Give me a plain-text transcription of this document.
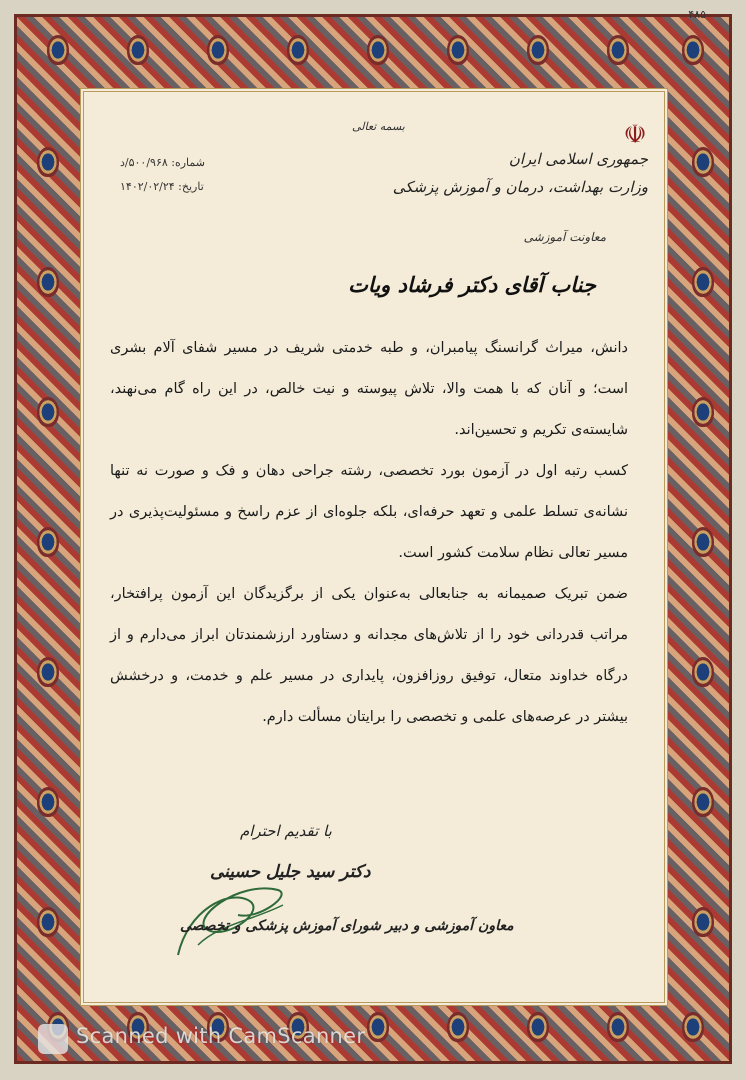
۴۸۵
۰۰۰۰ ۰۰۰۰
☫
جمهوری اسلامی ایران
وزارت بهداشت، درمان و آموزش پزشکی
معاونت آموزشی
بسمه تعالی
شماره: ۵۰۰/۹۶۸/د
تاریخ: ۱۴۰۲/۰۲/۲۴
جناب آقای دکتر فرشاد ویات

دانش، میراث گرانسنگ پیامبران، و طبه خدمتی شریف در مسیر شفای آلام بشری است؛ و آنان که با همت والا، تلاش پیوسته و نیت خالص، در این راه گام می‌نهند، شایسته‌ی تکریم و تحسین‌اند.

کسب رتبه اول در آزمون بورد تخصصی، رشته جراحی دهان و فک و صورت نه تنها نشانه‌ی تسلط علمی و تعهد حرفه‌ای، بلکه جلوه‌ای از عزم راسخ و مسئولیت‌پذیری در مسیر تعالی نظام سلامت کشور است.

ضمن تبریک صمیمانه به جنابعالی به‌عنوان یکی از برگزیدگان این آزمون پرافتخار، مراتب قدردانی خود را از تلاش‌های مجدانه و دستاورد ارزشمندتان ابراز می‌دارم و از درگاه خداوند متعال، توفیق روزافزون، پایداری در مسیر علم و خدمت، و درخشش بیشتر در عرصه‌های علمی و تخصصی را برایتان مسألت دارم.

با تقدیم احترام
دکتر سید جلیل حسینی
معاون آموزشی و دبیر شورای آموزش پزشکی و تخصصی
Scanned with CamScanner
